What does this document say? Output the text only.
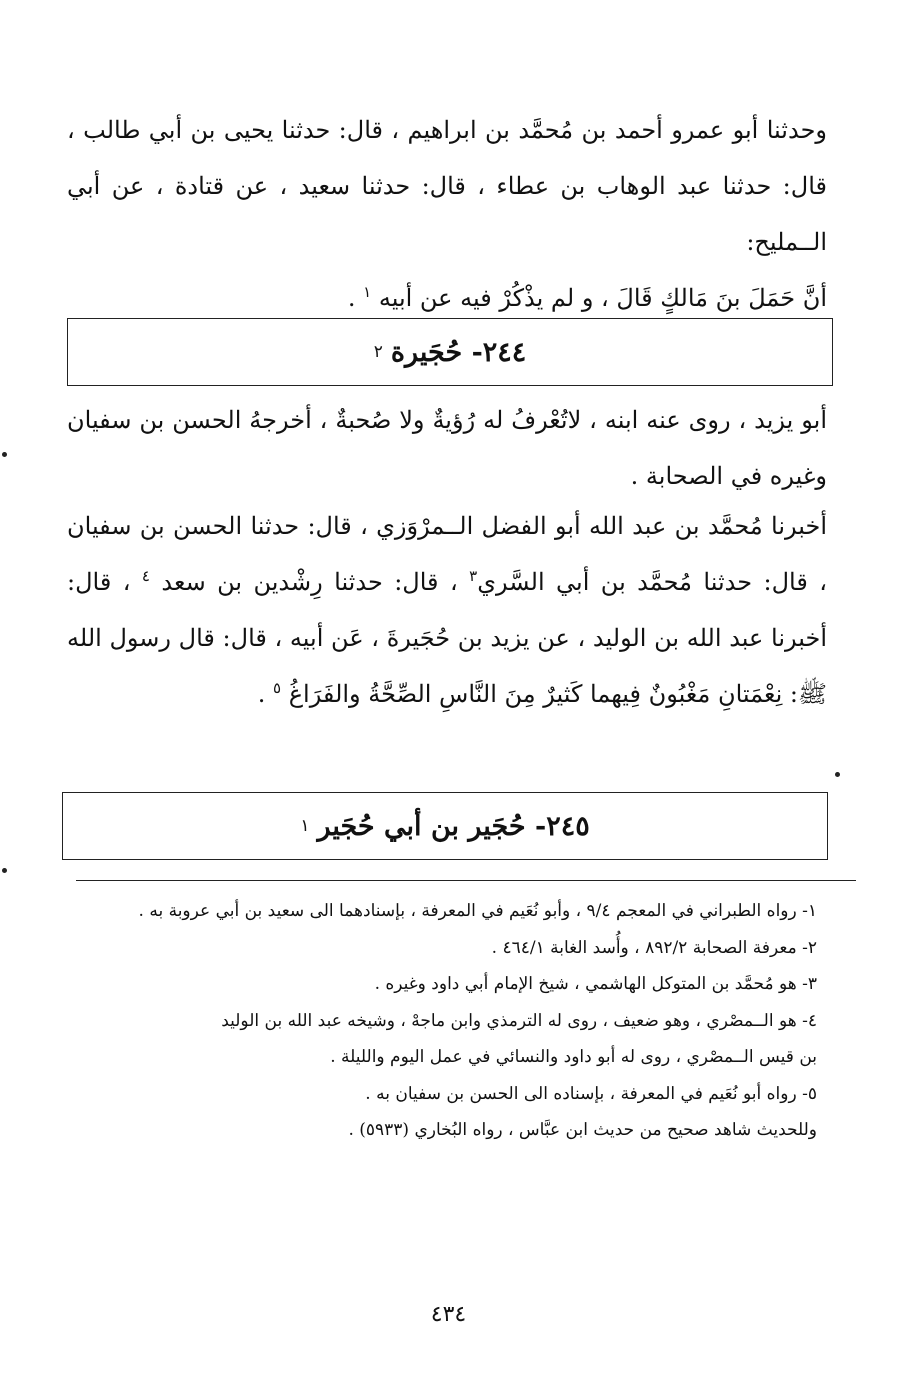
وحدثنا أبو عمرو أحمد بن مُحمَّد بن ابراهيم ، قال: حدثنا يحيى بن أبي طالب ، قال: حدثنا عبد الوهاب بن عطاء ، قال: حدثنا سعيد ، عن قتادة ، عن أبي الــمليح:

أنَّ حَمَلَ بنَ مَالكٍ قَالَ ، و لم يذْكُرْ فيه عن أبيه $^١$ .

٢٤٤- حُجَيرة
٢

أبو يزيد ، روى عنه ابنه ، لاتُعْرفُ له رُؤيةٌ ولا صُحبةٌ ، أخرجهُ الحسن بن سفيان وغيره في الصحابة .

أخبرنا مُحمَّد بن عبد الله أبو الفضل الــمرْوَزي ، قال: حدثنا الحسن بن سفيان ، قال: حدثنا مُحمَّد بن أبي السَّري$^٣$ ، قال: حدثنا رِشْدين بن سعد $^٤$ ، قال: أخبرنا عبد الله بن الوليد ، عن يزيد بن حُجَيرةَ ، عَن أبيه ، قال: قال رسول الله ﷺ: نِعْمَتانِ مَغْبُونٌ فِيهما كَثيرٌ مِنَ النَّاسِ الصِّحَّةُ والفَرَاغُ $^٥$ .

٢٤٥- حُجَير بن أبي حُجَير
١
١- رواه الطبراني في المعجم ٩/٤ ، وأبو نُعَيم في المعرفة ، بإسنادهما الى سعيد بن أبي عروبة به .
٢- معرفة الصحابة ٨٩٢/٢ ، وأُسد الغابة ٤٦٤/١ .
٣- هو مُحمَّد بن المتوكل الهاشمي ، شيخ الإمام أبي داود وغيره .
٤- هو الــمصْري ، وهو ضعيف ، روى له الترمذي وابن ماجهْ ، وشيخه عبد الله بن الوليد
بن قيس الــمصْري ، روى له أبو داود والنسائي في عمل اليوم والليلة .
٥- رواه أبو نُعَيم في المعرفة ، بإسناده الى الحسن بن سفيان به .
وللحديث شاهد صحيح من حديث ابن عبَّاس ، رواه البُخاري (٥٩٣٣) .
٤٣٤
